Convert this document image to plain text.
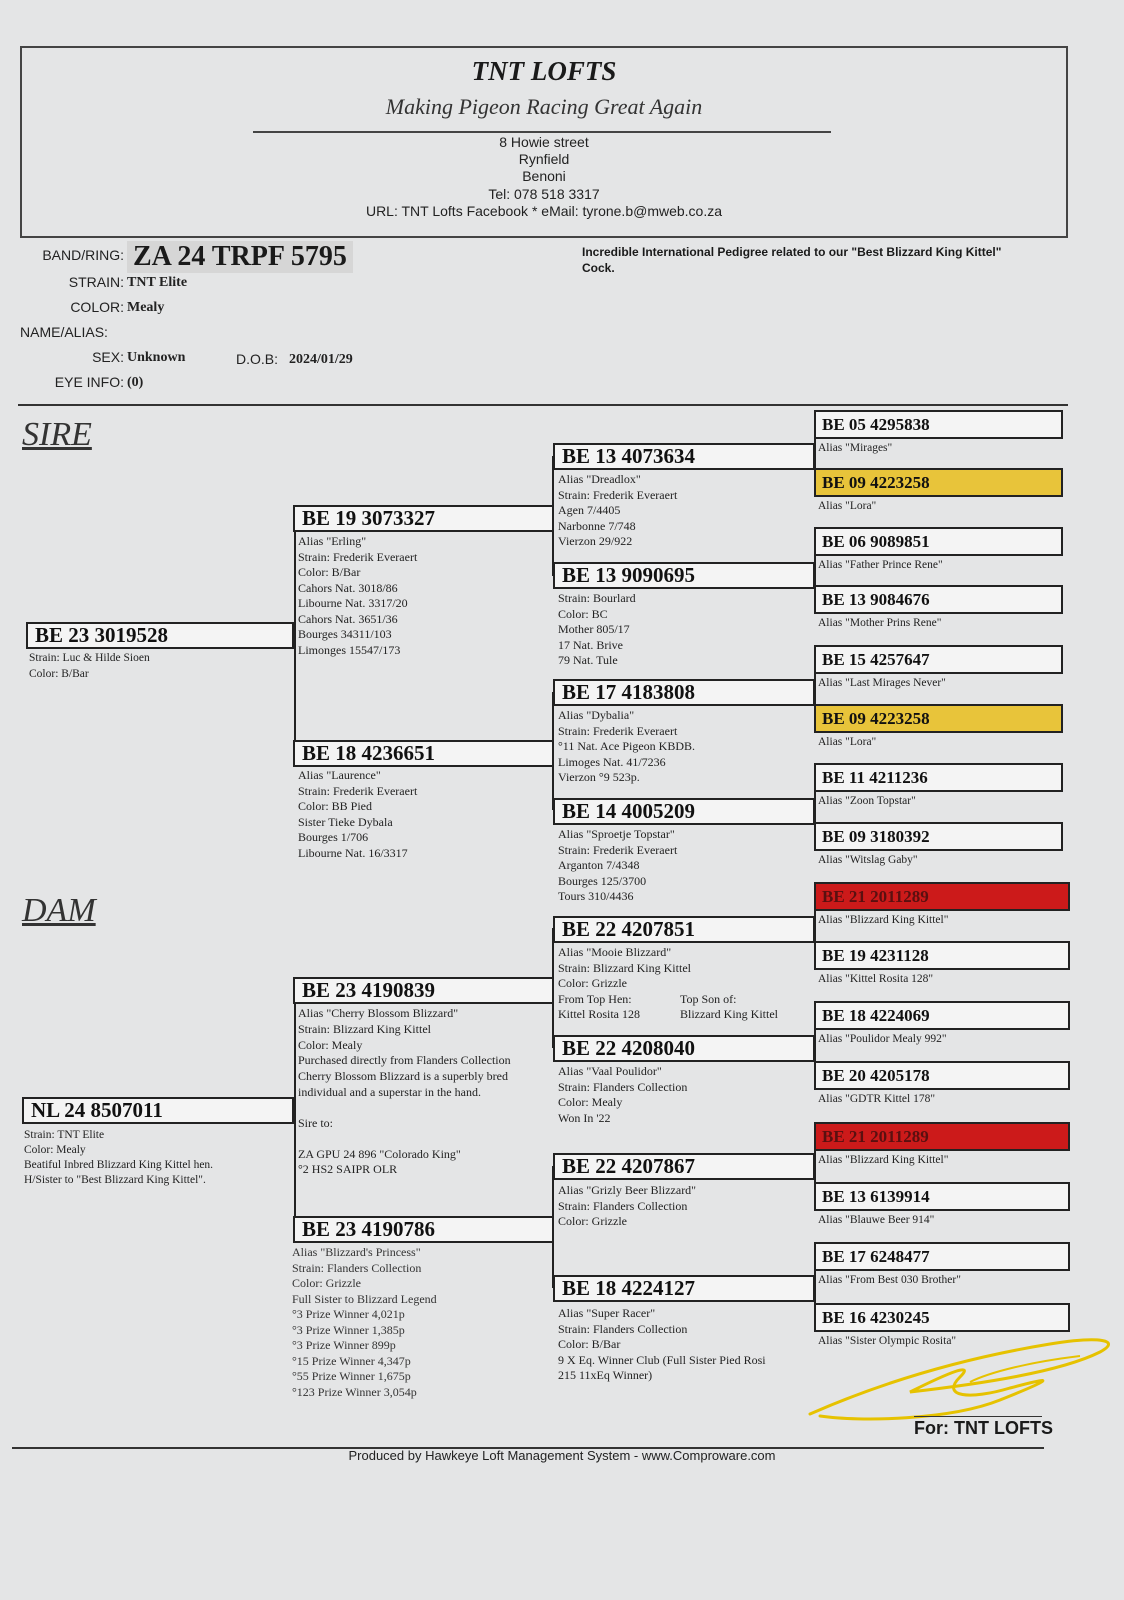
TNT LOFTS
Making Pigeon Racing Great Again
8 Howie street
Rynfield
Benoni
Tel: 078 518 3317
URL: TNT Lofts Facebook * eMail: tyrone.b@mweb.co.za
BAND/RING: ZA 24 TRPF 5795
STRAIN: TNT Elite
COLOR: Mealy
NAME/ALIAS:
SEX: Unknown	D.O.B: 2024/01/29
EYE INFO: (0)
Incredible International Pedigree related to our "Best Blizzard King Kittel" Cock.
SIRE
DAM
BE 23 3019528
Strain: Luc & Hilde Sioen
Color: B/Bar
NL 24 8507011
Strain: TNT Elite
Color: Mealy
Beatiful Inbred Blizzard King Kittel hen.
H/Sister to "Best Blizzard King Kittel".
BE 19 3073327
Alias "Erling"
Strain: Frederik Everaert
Color: B/Bar
Cahors Nat. 3018/86
Libourne Nat. 3317/20
Cahors Nat. 3651/36
Bourges 34311/103
Limonges 15547/173
BE 18 4236651
Alias "Laurence"
Strain: Frederik Everaert
Color: BB Pied
Sister Tieke Dybala
Bourges 1/706
Libourne Nat. 16/3317
BE 23 4190839
Alias "Cherry Blossom Blizzard"
Strain: Blizzard King Kittel
Color: Mealy
Purchased directly from Flanders Collection
Cherry Blossom Blizzard is a superbly bred
individual and a superstar in the hand.
Sire to:
ZA GPU 24 896 "Colorado King"
°2 HS2 SAIPR OLR
BE 23 4190786
Alias "Blizzard's Princess"
Strain: Flanders Collection
Color: Grizzle
Full Sister to Blizzard Legend
°3 Prize Winner 4,021p
°3 Prize Winner 1,385p
°3 Prize Winner 899p
°15 Prize Winner 4,347p
°55 Prize Winner 1,675p
°123 Prize Winner 3,054p
BE 13 4073634
Alias "Dreadlox"
Strain: Frederik Everaert
Agen 7/4405
Narbonne 7/748
Vierzon 29/922
BE 13 9090695
Strain: Bourlard
Color: BC
Mother 805/17
17 Nat. Brive
79 Nat. Tule
BE 17 4183808
Alias "Dybalia"
Strain: Frederik Everaert
°11 Nat. Ace Pigeon KBDB.
Limoges Nat. 41/7236
Vierzon °9 523p.
BE 14 4005209
Alias "Sproetje Topstar"
Strain: Frederik Everaert
Arganton 7/4348
Bourges 125/3700
Tours 310/4436
BE 22 4207851
Alias "Mooie Blizzard"
Strain: Blizzard King Kittel
Color: Grizzle
From Top Hen:	Top Son of:
Kittel Rosita 128	Blizzard King Kittel
BE 22 4208040
Alias "Vaal Poulidor"
Strain: Flanders Collection
Color: Mealy
Won In '22
BE 22 4207867
Alias "Grizly Beer Blizzard"
Strain: Flanders Collection
Color: Grizzle
BE 18 4224127
Alias "Super Racer"
Strain: Flanders Collection
Color: B/Bar
9 X Eq. Winner Club (Full Sister Pied Rosi
215 11xEq Winner)
BE 05 4295838
Alias "Mirages"
BE 09 4223258
Alias "Lora"
BE 06 9089851
Alias "Father Prince Rene"
BE 13 9084676
Alias "Mother Prins Rene"
BE 15 4257647
Alias "Last Mirages Never"
BE 09 4223258
Alias "Lora"
BE 11 4211236
Alias "Zoon Topstar"
BE 09 3180392
Alias "Witslag Gaby"
BE 21 2011289
Alias "Blizzard King Kittel"
BE 19 4231128
Alias "Kittel Rosita 128"
BE 18 4224069
Alias "Poulidor Mealy 992"
BE 20 4205178
Alias "GDTR Kittel 178"
BE 21 2011289
Alias "Blizzard King Kittel"
BE 13 6139914
Alias "Blauwe Beer 914"
BE 17 6248477
Alias "From Best 030 Brother"
BE 16 4230245
Alias "Sister Olympic Rosita"
For: TNT LOFTS
Produced by Hawkeye Loft Management System - www.Comproware.com
